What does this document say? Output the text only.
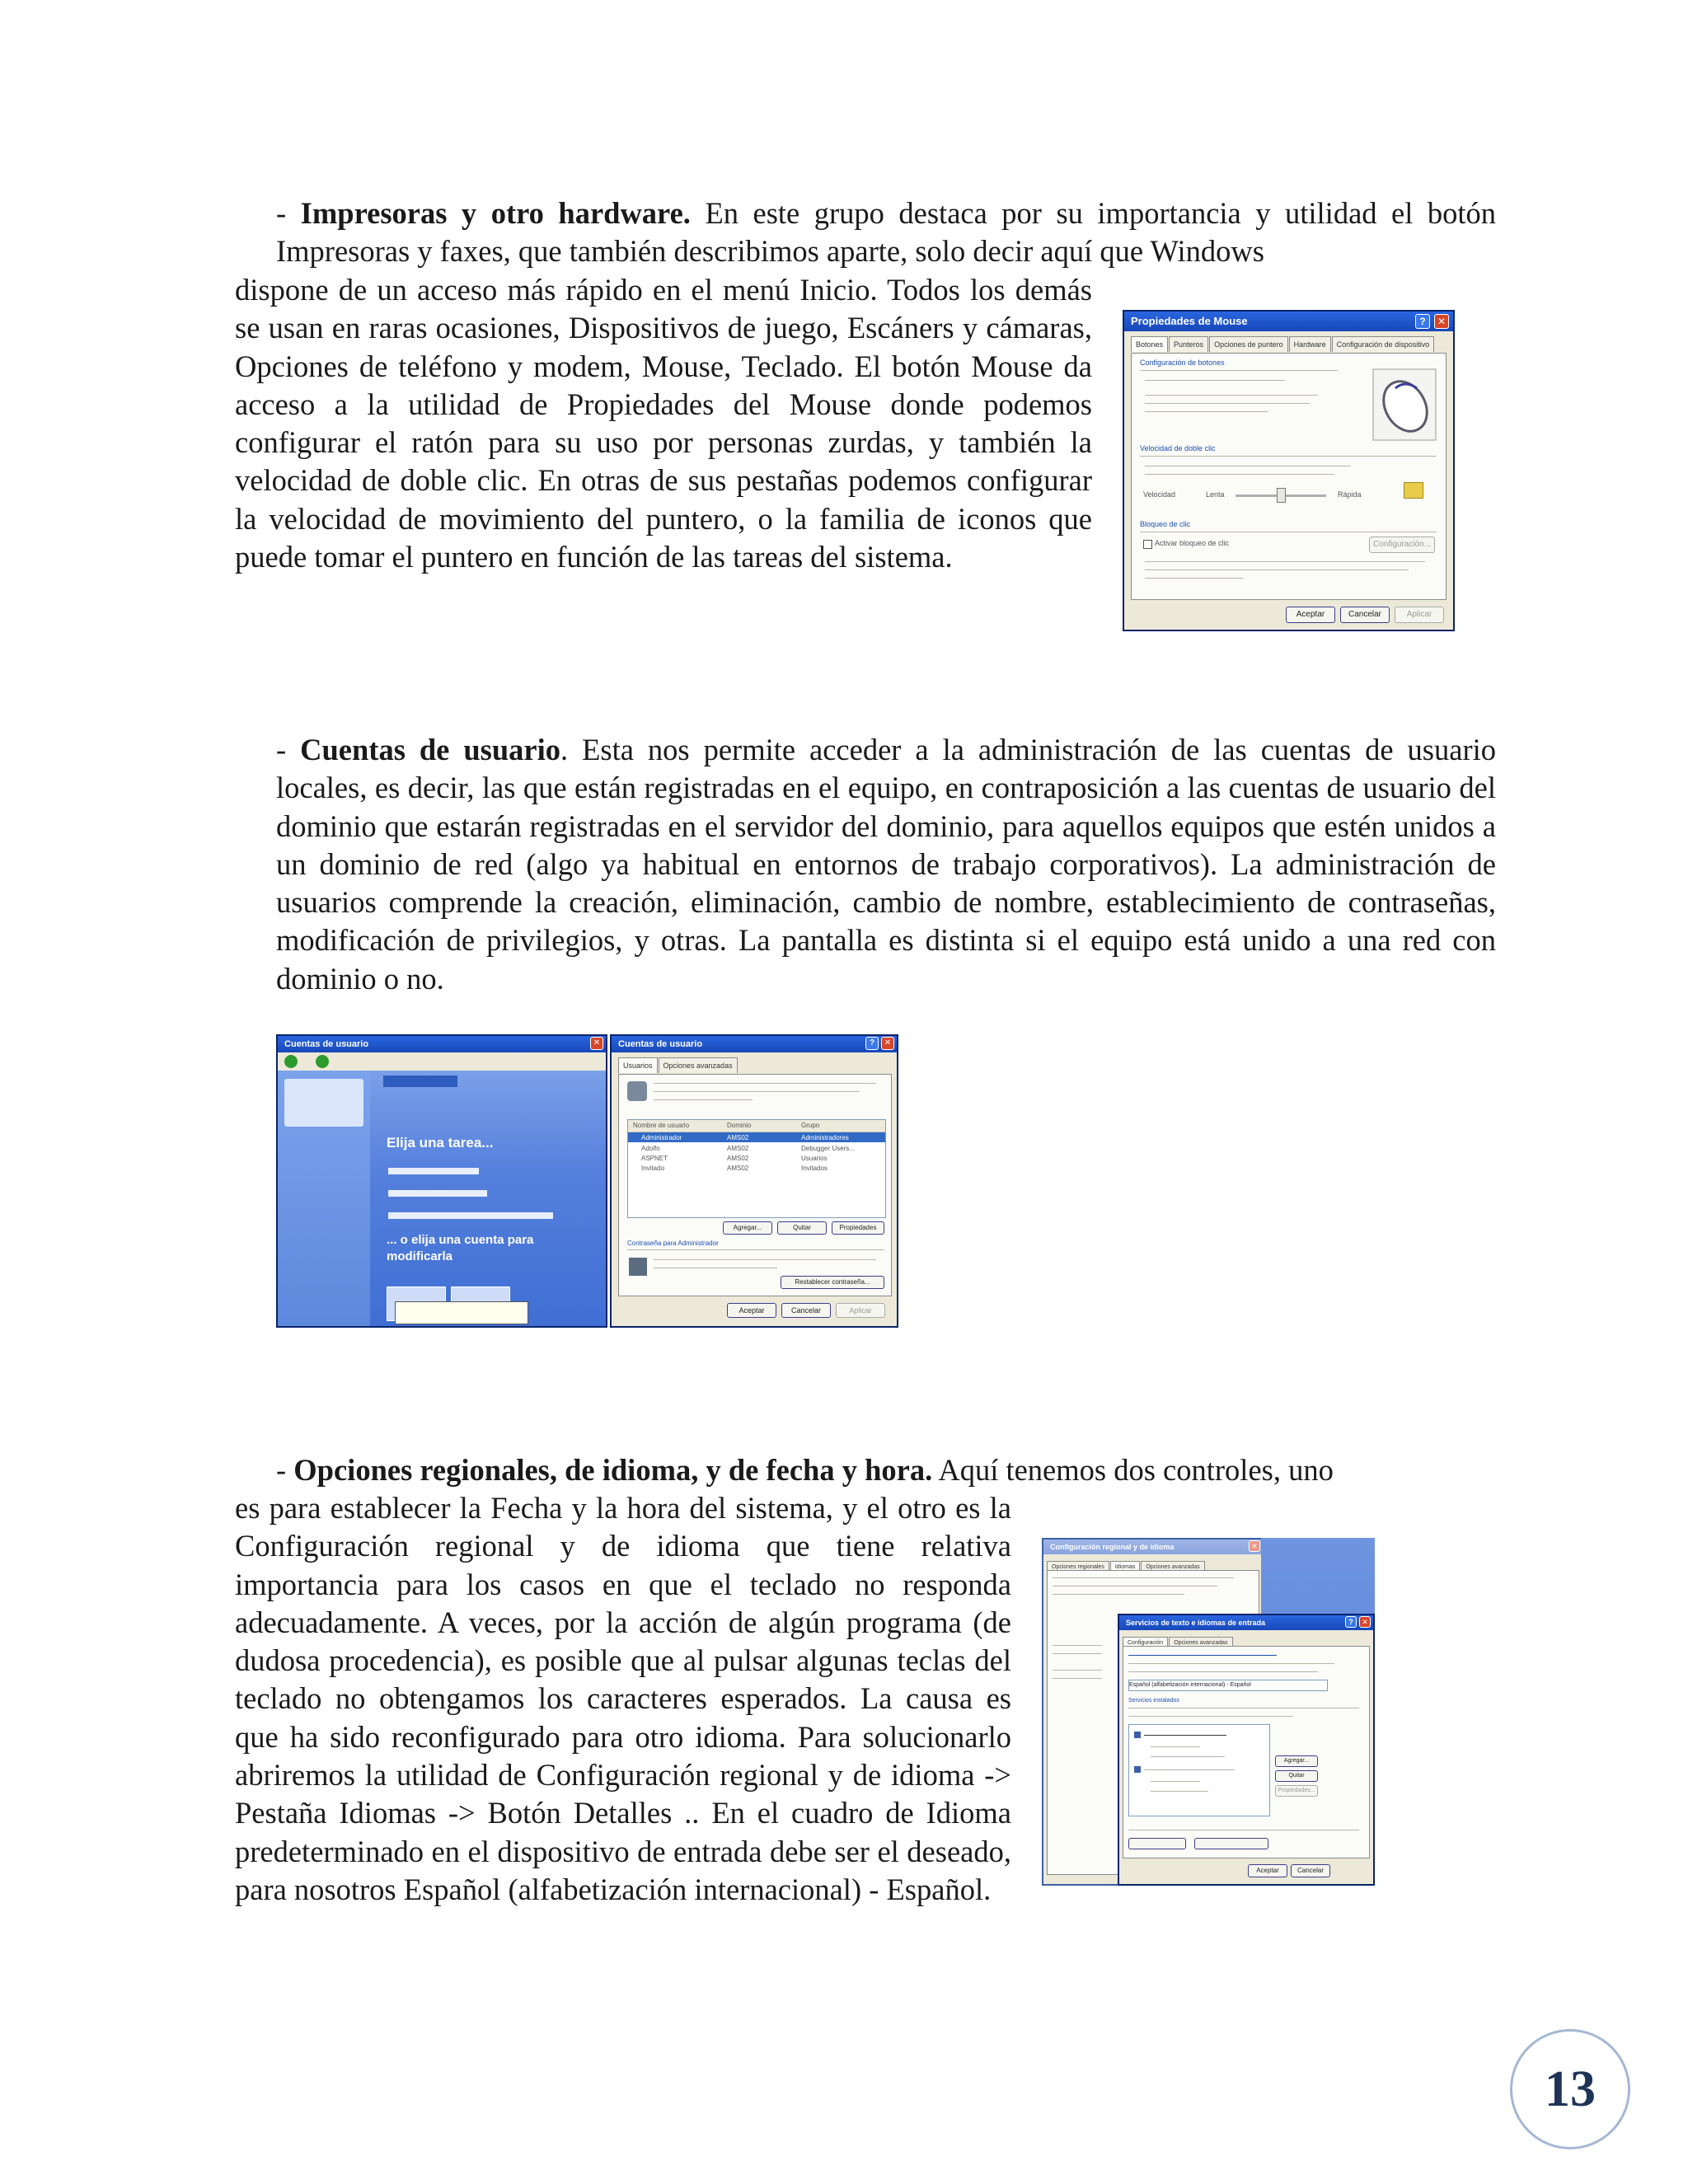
- Impresoras y otro hardware. En este grupo destaca por su importancia y utilidad el botón Impresoras y faxes, que también describimos aparte, solo decir aquí que Windows

dispone de un acceso más rápido en el menú Inicio. Todos los demás se usan en raras ocasiones, Dispositivos de juego, Escáners y cámaras, Opciones de teléfono y modem, Mouse, Teclado. El botón Mouse da acceso a la utilidad de Propiedades del Mouse donde podemos configurar el ratón para su uso por personas zurdas, y también la velocidad de doble clic. En otras de sus pestañas podemos configurar la velocidad de movimiento del puntero, o la familia de iconos que puede tomar el puntero en función de las tareas del sistema.

Propiedades de Mouse	?	✕
Botones Punteros Opciones de puntero Hardware Configuración de dispositivo
Configuración de botones
Velocidad de doble clic
Velocidad	Lenta	Rápida
Bloqueo de clic
Activar bloqueo de clic	Configuración...
Aceptar	Cancelar	Aplicar

- Cuentas de usuario. Esta nos permite acceder a la administración de las cuentas de usuario locales, es decir, las que están registradas en el equipo, en contraposición a las cuentas de usuario del dominio que estarán registradas en el servidor del dominio, para aquellos equipos que estén unidos a un dominio de red (algo ya habitual en entornos de trabajo corporativos). La administración de usuarios comprende la creación, eliminación, cambio de nombre, establecimiento de contraseñas, modificación de privilegios, y otras. La pantalla es distinta si el equipo está unido a una red con dominio o no.

Cuentas de usuario	✕
Elija una tarea...
... o elija una cuenta para modificarla
Cuentas de usuario	?	✕
Usuarios Opciones avanzadas
Nombre de usuario	Dominio	Grupo
Administrador	AMS02	Administradores
Adolfo	AMS02	Debugger Users...
ASPNET	AMS02	Usuarios
Invitado	AMS02	Invitados
Agregar...	Quitar	Propiedades
Contraseña para Administrador
Restablecer contraseña...
Aceptar	Cancelar	Aplicar

- Opciones regionales, de idioma, y de fecha y hora. Aquí tenemos dos controles, uno

es para establecer la Fecha y la hora del sistema, y el otro es la Configuración regional y de idioma que tiene relativa importancia para los casos en que el teclado no responda adecuadamente. A veces, por la acción de algún programa (de dudosa procedencia), es posible que al pulsar algunas teclas del teclado no obtengamos los caracteres esperados. La causa es que ha sido reconfigurado para otro idioma. Para solucionarlo abriremos la utilidad de Configuración regional y de idioma -> Pestaña Idiomas -> Botón Detalles .. En el cuadro de Idioma predeterminado en el dispositivo de entrada debe ser el deseado, para nosotros Español (alfabetización internacional) - Español.

Configuración regional y de idioma	✕
Opciones regionales Idiomas Opciones avanzadas
Servicios de texto e idiomas de entrada	?	✕
Configuración Opciones avanzadas
Español (alfabetización internacional) - Español
Servicios instalados
Agregar...
Quitar
Propiedades...
Aceptar	Cancelar
13
